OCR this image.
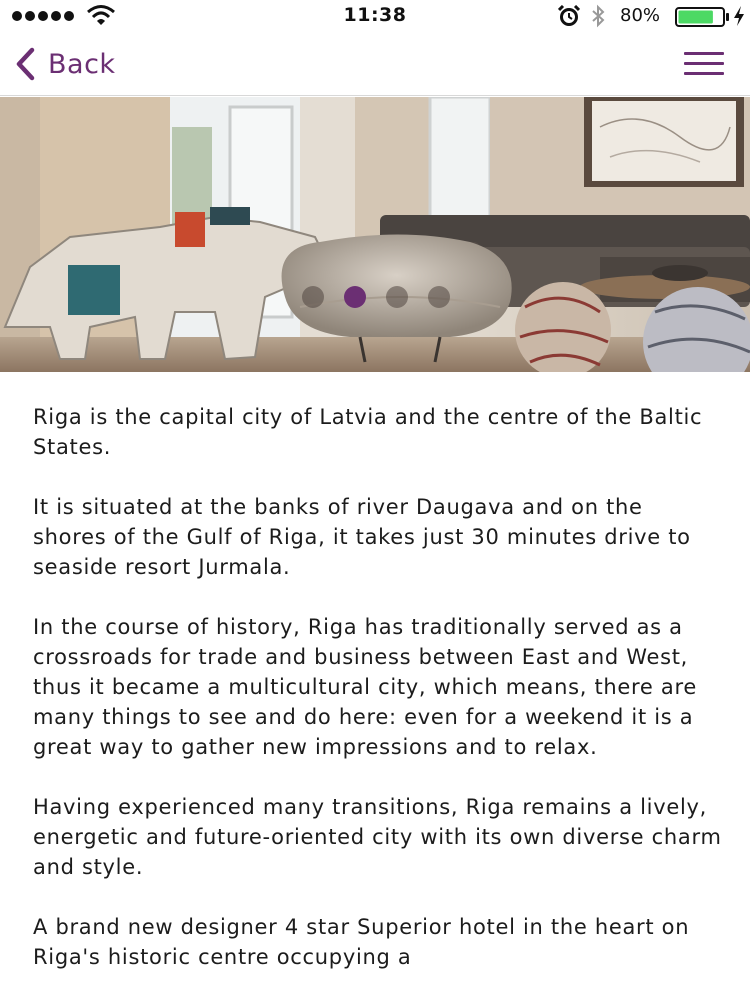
11:38	80%
Back

Riga is the capital city of Latvia and the centre of the Baltic States.

It is situated at the banks of river Daugava and on the shores of the Gulf of Riga, it takes just 30 minutes drive to seaside resort Jurmala.

In the course of history, Riga has traditionally served as a crossroads for trade and business between East and West, thus it became a multicultural city, which means, there are many things to see and do here: even for a weekend it is a great way to gather new impressions and to relax.

Having experienced many transitions, Riga remains a lively, energetic and future-oriented city with its own diverse charm and style.

A brand new designer 4 star Superior hotel in the heart on Riga's historic centre occupying a
